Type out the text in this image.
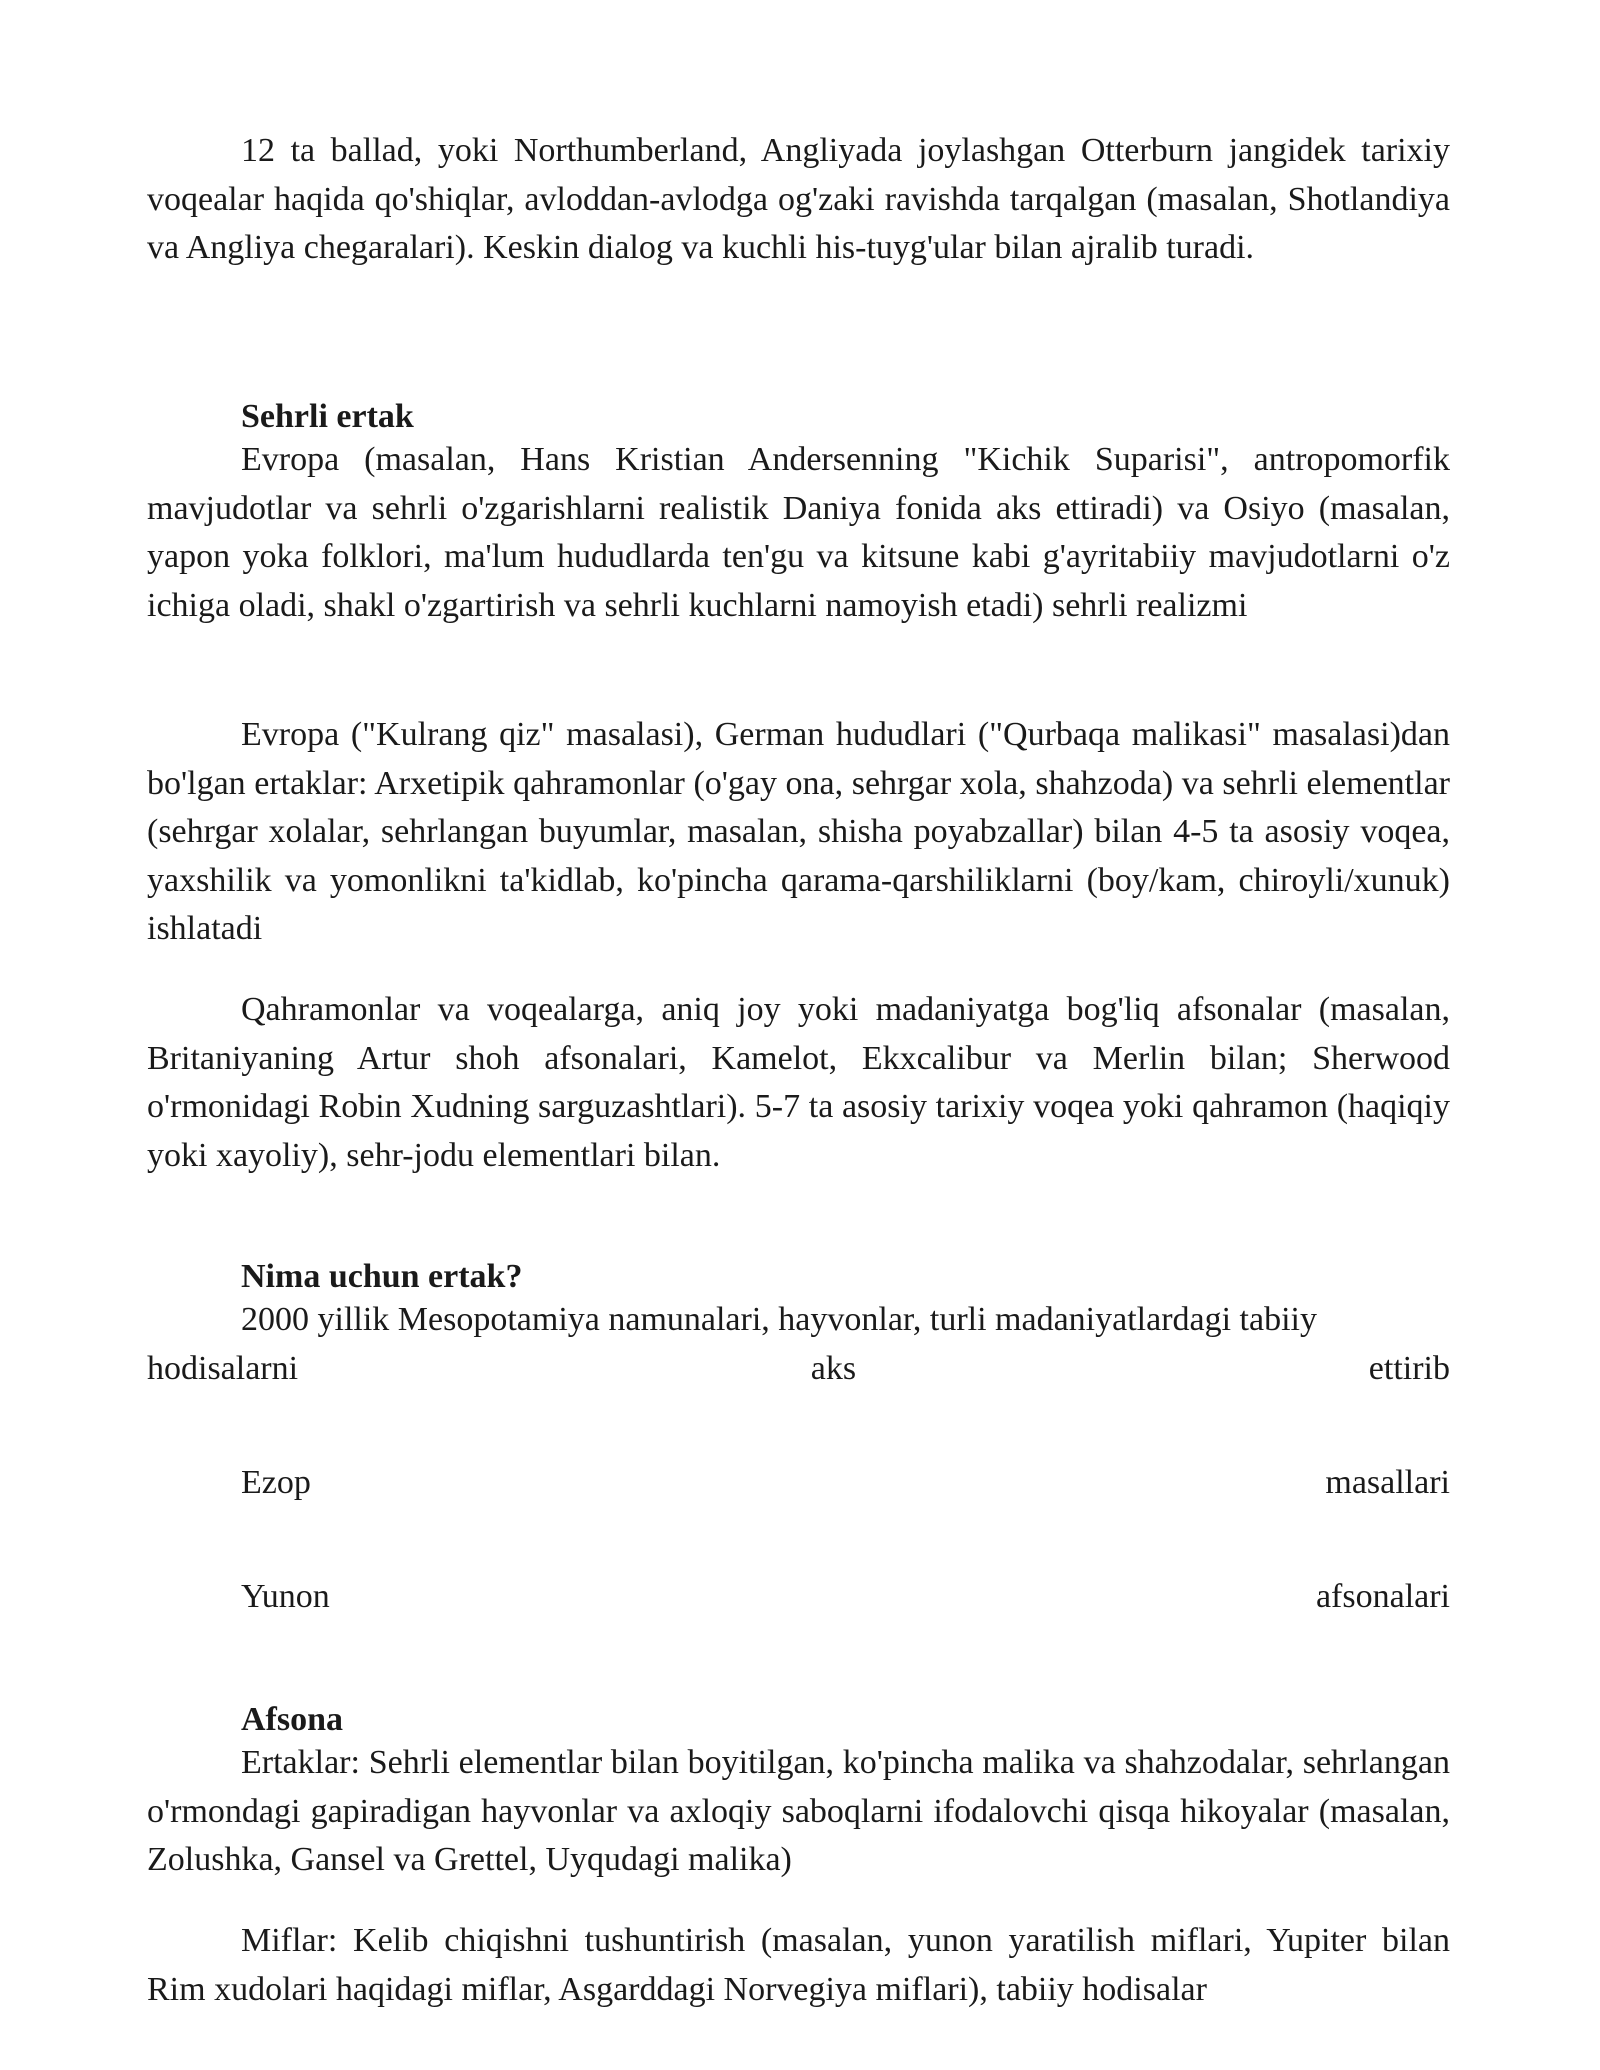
12 ta ballad, yoki Northumberland, Angliyada joylashgan Otterburn jangidek tarixiy voqealar haqida qo'shiqlar, avloddan-avlodga og'zaki ravishda tarqalgan (masalan, Shotlandiya va Angliya chegaralari). Keskin dialog va kuchli his-tuyg'ular bilan ajralib turadi.

Sehrli ertak

Evropa (masalan, Hans Kristian Andersenning "Kichik Suparisi", antropomorfik mavjudotlar va sehrli o'zgarishlarni realistik Daniya fonida aks ettiradi) va Osiyo (masalan, yapon yoka folklori, ma'lum hududlarda ten'gu va kitsune kabi g'ayritabiiy mavjudotlarni o'z ichiga oladi, shakl o'zgartirish va sehrli kuchlarni namoyish etadi) sehrli realizmi

Evropa ("Kulrang qiz" masalasi), German hududlari ("Qurbaqa malikasi" masalasi)dan bo'lgan ertaklar: Arxetipik qahramonlar (o'gay ona, sehrgar xola, shahzoda) va sehrli elementlar (sehrgar xolalar, sehrlangan buyumlar, masalan, shisha poyabzallar) bilan 4-5 ta asosiy voqea, yaxshilik va yomonlikni ta'kidlab, ko'pincha qarama-qarshiliklarni (boy/kam, chiroyli/xunuk) ishlatadi

Qahramonlar va voqealarga, aniq joy yoki madaniyatga bog'liq afsonalar (masalan, Britaniyaning Artur shoh afsonalari, Kamelot, Ekxcalibur va Merlin bilan; Sherwood o'rmonidagi Robin Xudning sarguzashtlari). 5-7 ta asosiy tarixiy voqea yoki qahramon (haqiqiy yoki xayoliy), sehr-jodu elementlari bilan.

Nima uchun ertak?

2000 yillik Mesopotamiya namunalari, hayvonlar, turli madaniyatlardagi tabiiy

hodisalarni	aks	ettirib
Ezop	masallari
Yunon	afsonalari
Afsona

Ertaklar: Sehrli elementlar bilan boyitilgan, ko'pincha malika va shahzodalar, sehrlangan o'rmondagi gapiradigan hayvonlar va axloqiy saboqlarni ifodalovchi qisqa hikoyalar (masalan, Zolushka, Gansel va Grettel, Uyqudagi malika)

Miflar: Kelib chiqishni tushuntirish (masalan, yunon yaratilish miflari, Yupiter bilan Rim xudolari haqidagi miflar, Asgarddagi Norvegiya miflari), tabiiy hodisalar
